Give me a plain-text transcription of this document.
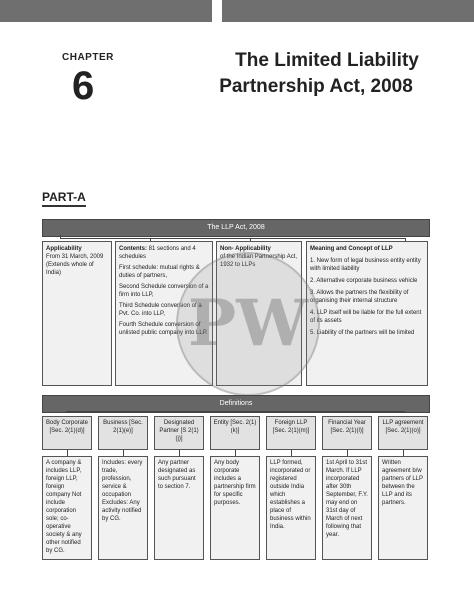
CHAPTER
6
The Limited Liability
Partnership Act, 2008
PART-A
The LLP Act, 2008
Applicability
From 31 March, 2009 (Extends whole of India)
Contents: 81 sections and 4 schedules
First schedule: mutual rights & duties of partners,
Second Schedule conversion of a firm into LLP,
Third Schedule conversion of a Pvt. Co. into LLP,
Fourth Schedule conversion of unlisted public company into LLP.
Non- Applicability
of the Indian Partnership Act, 1932 to LLPs
Meaning and Concept of LLP
1. New form of legal business entity entity with limited liability
2. Alternative corporate business vehicle
3. Allows the partners the flexibility of organising their internal structure
4. LLP itself will be liable for the full extent of its assets
5. Liability of the partners will be limited
PW
Definitions
Body Corporate [Sec. 2(1)(d)]
Business [Sec. 2(1)(e)]
Designated Partner [S 2(1)(j)]
Entity [Sec. 2(1)(k)]
Foreign LLP [Sec. 2(1)(m)]
Financial Year [Sec. 2(1)(l)]
LLP agreement [Sec. 2(1)(o)]
A company & includes LLP, foreign LLP, foreign company Not include corporation sole; co-operative society & any other notified by CG.
Includes: every trade, profession, service & occupation Excludes: Any activity notified by CG.
Any partner designated as such pursuant to section 7.
Any body corporate includes a partnership firm for specific purposes.
LLP formed, incorporated or registered outside India which establishes a place of business within India.
1st April to 31st March. If LLP incorporated after 30th September, F.Y. may end on 31st day of March of next following that year.
Written agreement b/w partners of LLP between the LLP and its partners.
